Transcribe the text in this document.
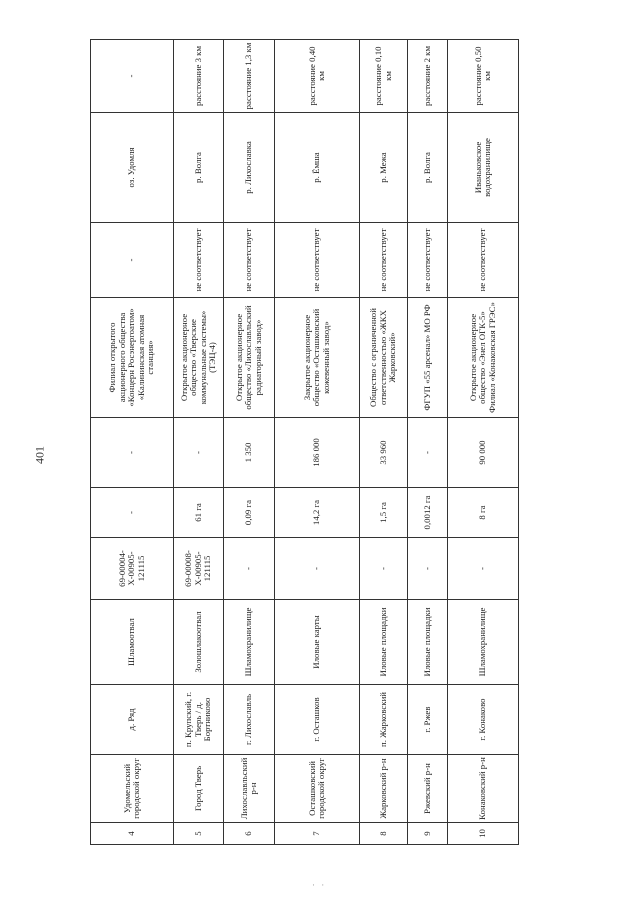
401
· ·
4	Удомельский городской округ	д. Ряд	Шламоотвал	69-00004-Х-00905-121115	-	-	Филиал открытого акционерного общества «Концерн Росэнергоатом» «Калининская атомная станция»	-	оз. Удомля	-
5	Город Тверь	п. Крупский, г. Тверь / д. Бортниково	Золошлакоотвал	69-00008-Х-00905-121115	61 га	-	Открытое акционерное общество «Тверские коммунальные системы» (ТЭЦ-4)	не соответствует	р. Волга	расстояние 3 км
6	Лихославльский р-н	г. Лихославль	Шламохранилище	-	0,09 га	1 350	Открытое акционерное общество «Лихославльский радиаторный завод»	не соответствует	р. Лихославка	расстояние 1,3 км
7	Осташковский городской округ	г. Осташков	Иловые карты	-	14,2 га	186 000	Закрытое акционерное общество «Осташковский кожевенный завод»	не соответствует	р. Ёмша	расстояние 0,40 км
8	Жарковский р-н	п. Жарковский	Иловые площадки	-	1,5 га	33 960	Общество с ограниченной ответственностью «ЖКХ Жарковский»	не соответствует	р. Межа	расстояние 0,10 км
9	Ржевский р-н	г. Ржев	Иловые площадки	-	0,0012 га	-	ФГУП «55 арсенал» МО РФ	не соответствует	р. Волга	расстояние 2 км
10	Конаковский р-н	г. Конаково	Шламохранилище	-	8 га	90 000	Открытое акционерное общество «Энел ОГК-5» Филиал «Конаковская ГРЭС»	не соответствует	Иваньковское водохранилище	расстояние 0,50 км
